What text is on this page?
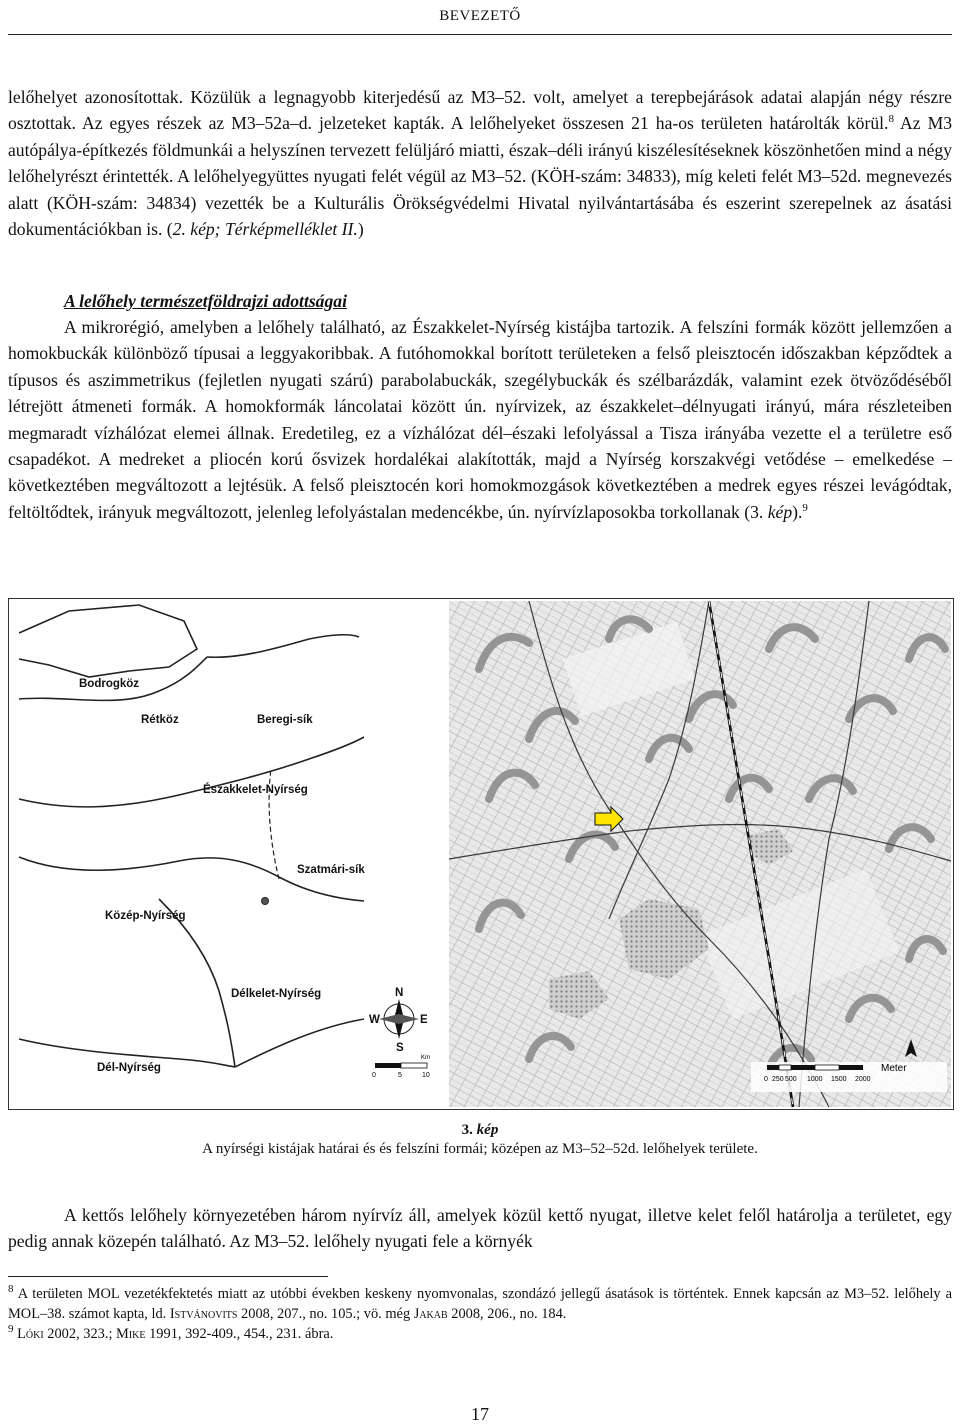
BEVEZETŐ
lelőhelyet azonosítottak. Közülük a legnagyobb kiterjedésű az M3–52. volt, amelyet a terepbejárások adatai alapján négy részre osztottak. Az egyes részek az M3–52a–d. jelzeteket kapták. A lelőhelyeket összesen 21 ha-os területen határolták körül.$^8$ Az M3 autópálya-építkezés földmunkái a helyszínen tervezett felüljáró miatti, észak–déli irányú kiszélesítéseknek köszönhetően mind a négy lelőhelyrészt érintették. A lelőhelyegyüttes nyugati felét végül az M3–52. (KÖH-szám: 34833), míg keleti felét M3–52d. megnevezés alatt (KÖH-szám: 34834) vezették be a Kulturális Örökségvédelmi Hivatal nyilvántartásába és eszerint szerepelnek az ásatási dokumentációkban is. (2. kép; Térképmelléklet II.)
A lelőhely természetföldrajzi adottságai
A mikrorégió, amelyben a lelőhely található, az Északkelet-Nyírség kistájba tartozik. A felszíni formák között jellemzően a homokbuckák különböző típusai a leggyakoribbak. A futóhomokkal borított területeken a felső pleisztocén időszakban képződtek a típusos és aszimmetrikus (fejletlen nyugati szárú) parabolabuckák, szegélybuckák és szélbarázdák, valamint ezek ötvöződéséből létrejött átmeneti formák. A homokformák láncolatai között ún. nyírvizek, az északkelet–délnyugati irányú, mára részleteiben megmaradt vízhálózat elemei állnak. Eredetileg, ez a vízhálózat dél–északi lefolyással a Tisza irányába vezette el a területre eső csapadékot. A medreket a pliocén korú ősvizek hordalékai alakították, majd a Nyírség korszakvégi vetődése – emelkedése – következtében megváltozott a lejtésük. A felső pleisztocén kori homokmozgások következtében a medrek egyes részei levágódtak, feltöltődtek, irányuk megváltozott, jelenleg lefolyástalan medencékbe, ún. nyírvízlaposokba torkollanak (3. kép).$^9$
Bodrogköz
Rétköz	Beregi-sík
Északkelet-Nyírség
Szatmári-sík
Közép-Nyírség
Délkelet-Nyírség
Dél-Nyírség
N
S
E
W
0	5	10
Km
0 250 500 1000 1500 2000
Meter
3. kép
A nyírségi kistájak határai és és felszíni formái; középen az M3–52–52d. lelőhelyek területe.
A kettős lelőhely környezetében három nyírvíz áll, amelyek közül kettő nyugat, illetve kelet felől határolja a területet, egy pedig annak közepén található. Az M3–52. lelőhely nyugati fele a környék

$^8$ A területen MOL vezetékfektetés miatt az utóbbi években keskeny nyomvonalas, szondázó jellegű ásatások is történtek. Ennek kapcsán az M3–52. lelőhely a MOL–38. számot kapta, ld. Istvánovits 2008, 207., no. 105.; vö. még Jakab 2008, 206., no. 184.

$^9$ Lóki 2002, 323.; Mike 1991, 392-409., 454., 231. ábra.

17
